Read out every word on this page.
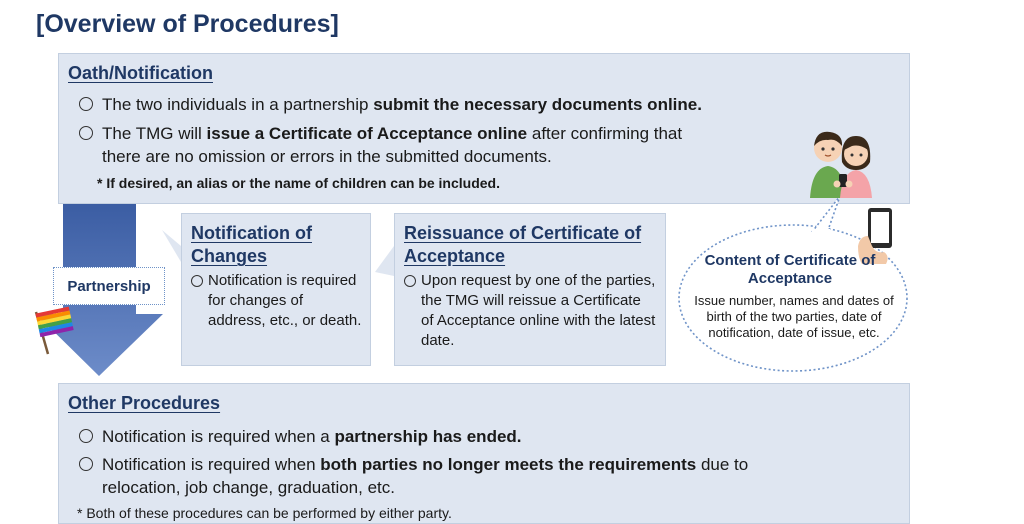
[Overview of Procedures]
Oath/Notification
The two individuals in a partnership submit the necessary documents online.
The TMG will issue a Certificate of Acceptance online after confirming that
there are no omission or errors in the submitted documents.
* If desired, an alias or the name of children can be included.
Partnership
Notification of Changes
Notification is required for changes of address, etc., or death.
Reissuance of Certificate of Acceptance
Upon request by one of the parties, the TMG will reissue a Certificate of Acceptance online with the latest date.
Content of Certificate of Acceptance
Issue number, names and dates of birth of the two parties, date of notification, date of issue, etc.
Other Procedures
Notification is required when a partnership has ended.
Notification is required when both parties no longer meets the requirements due to
relocation, job change, graduation, etc.
* Both of these procedures can be performed by either party.
